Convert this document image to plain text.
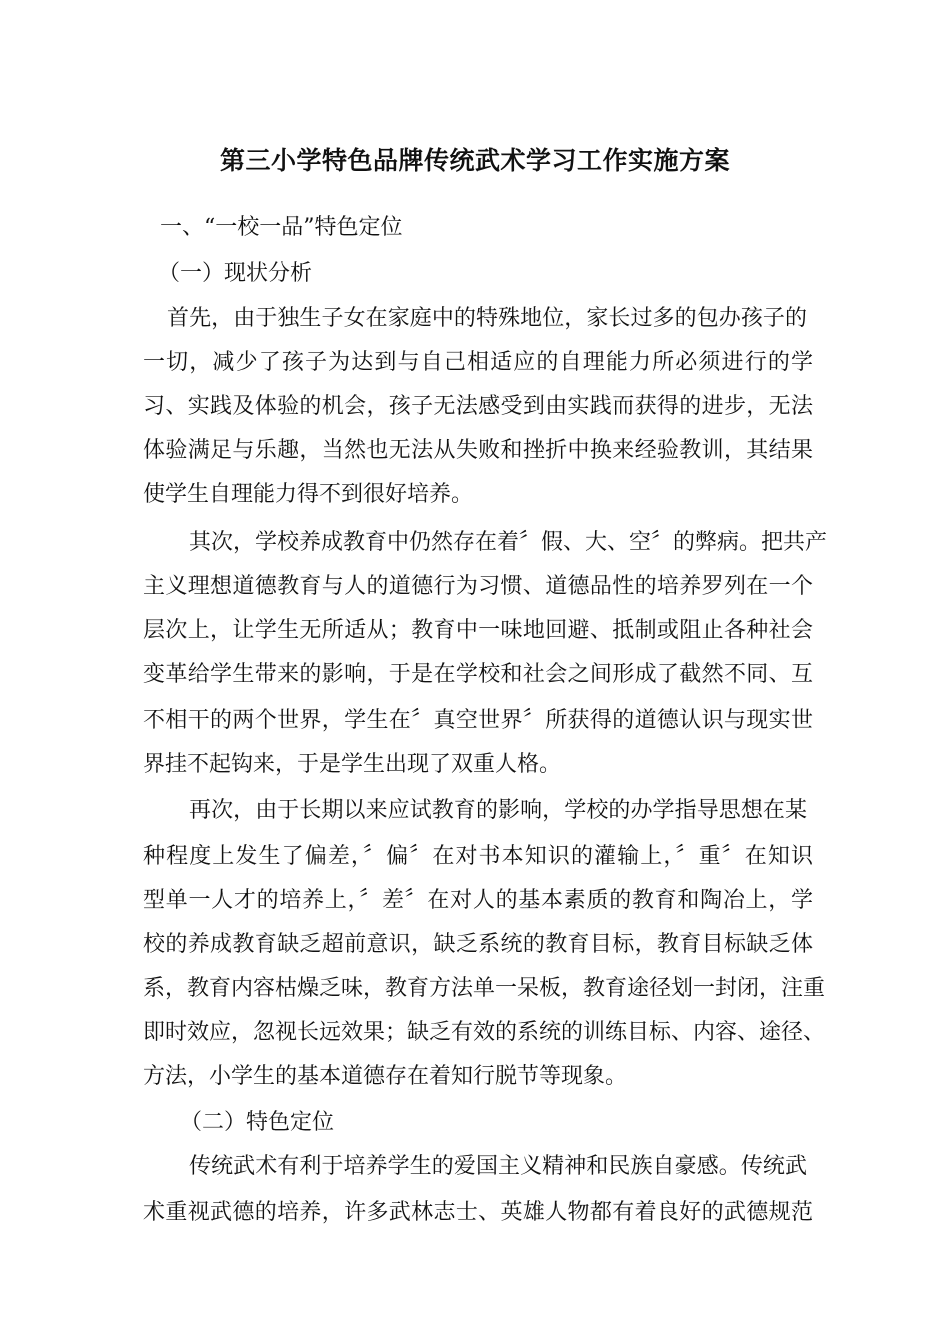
第三小学特色品牌传统武术学习工作实施方案
一、“一校一品”特色定位
（一）现状分析
首先，由于独生子女在家庭中的特殊地位，家长过多的包办孩子的
一切，减少了孩子为达到与自己相适应的自理能力所必须进行的学
习、实践及体验的机会，孩子无法感受到由实践而获得的进步，无法
体验满足与乐趣，当然也无法从失败和挫折中换来经验教训，其结果
使学生自理能力得不到很好培养。
其次，学校养成教育中仍然存在着〞假、大、空〞的弊病。把共产
主义理想道德教育与人的道德行为习惯、道德品性的培养罗列在一个
层次上，让学生无所适从；教育中一味地回避、抵制或阻止各种社会
变革给学生带来的影响，于是在学校和社会之间形成了截然不同、互
不相干的两个世界，学生在〞真空世界〞所获得的道德认识与现实世
界挂不起钩来，于是学生出现了双重人格。
再次，由于长期以来应试教育的影响，学校的办学指导思想在某
种程度上发生了偏差，〞偏〞在对书本知识的灌输上，〞重〞在知识
型单一人才的培养上，〞差〞在对人的基本素质的教育和陶冶上，学
校的养成教育缺乏超前意识，缺乏系统的教育目标，教育目标缺乏体
系，教育内容枯燥乏味，教育方法单一呆板，教育途径划一封闭，注重
即时效应，忽视长远效果；缺乏有效的系统的训练目标、内容、途径、
方法，小学生的基本道德存在着知行脱节等现象。
（二）特色定位
传统武术有利于培养学生的爱国主义精神和民族自豪感。传统武
术重视武德的培养，许多武林志士、英雄人物都有着良好的武德规范
